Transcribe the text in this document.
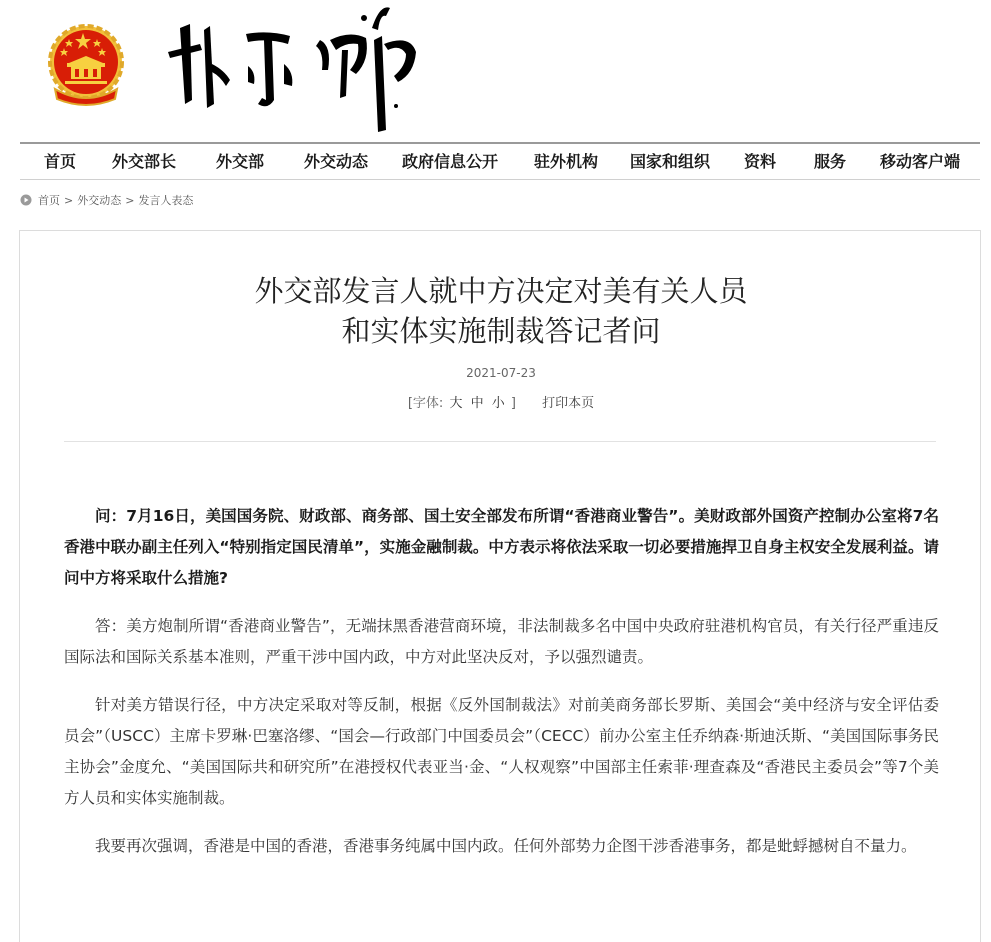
首页 外交部长 外交部 外交动态 政府信息公开 驻外机构 国家和组织 资料 服务 移动客户端
首页 > 外交动态 > 发言人表态
外交部发言人就中方决定对美有关人员
和实体实施制裁答记者问
2021-07-23
[字体: 大 中 小 ] 打印本页

问：7月16日，美国国务院、财政部、商务部、国土安全部发布所谓“香港商业警告”。美财政部外国资产控制办公室将7名香港中联办副主任列入“特别指定国民清单”，实施金融制裁。中方表示将依法采取一切必要措施捍卫自身主权安全发展利益。请问中方将采取什么措施?

答：美方炮制所谓“香港商业警告”，无端抹黑香港营商环境，非法制裁多名中国中央政府驻港机构官员，有关行径严重违反国际法和国际关系基本准则，严重干涉中国内政，中方对此坚决反对，予以强烈谴责。

针对美方错误行径，中方决定采取对等反制，根据《反外国制裁法》对前美商务部长罗斯、美国会“美中经济与安全评估委员会”（USCC）主席卡罗琳·巴塞洛缪、“国会—行政部门中国委员会”（CECC）前办公室主任乔纳森·斯迪沃斯、“美国国际事务民主协会”金度允、“美国国际共和研究所”在港授权代表亚当·金、“人权观察”中国部主任索菲·理查森及“香港民主委员会”等7个美方人员和实体实施制裁。

我要再次强调，香港是中国的香港，香港事务纯属中国内政。任何外部势力企图干涉香港事务，都是蚍蜉撼树自不量力。
